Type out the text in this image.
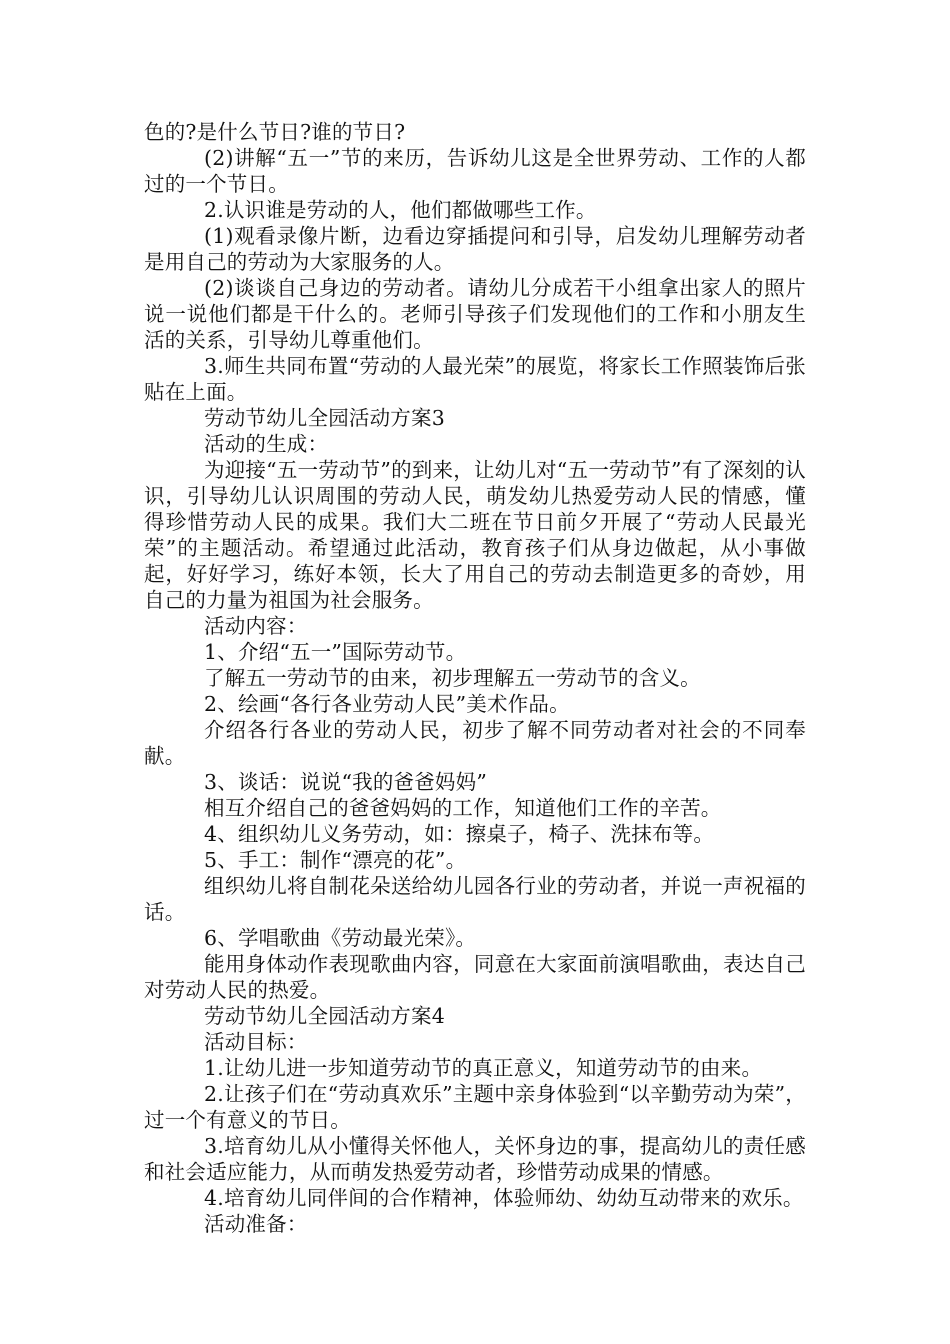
色的?是什么节日?谁的节日?

(2)讲解“五一”节的来历，告诉幼儿这是全世界劳动、工作的人都过的一个节日。

2.认识谁是劳动的人，他们都做哪些工作。

(1)观看录像片断，边看边穿插提问和引导，启发幼儿理解劳动者是用自己的劳动为大家服务的人。

(2)谈谈自己身边的劳动者。请幼儿分成若干小组拿出家人的照片说一说他们都是干什么的。老师引导孩子们发现他们的工作和小朋友生活的关系，引导幼儿尊重他们。

3.师生共同布置“劳动的人最光荣”的展览，将家长工作照装饰后张贴在上面。

劳动节幼儿全园活动方案3

活动的生成：

为迎接“五一劳动节”的到来，让幼儿对“五一劳动节”有了深刻的认识，引导幼儿认识周围的劳动人民，萌发幼儿热爱劳动人民的情感，懂得珍惜劳动人民的成果。我们大二班在节日前夕开展了“劳动人民最光荣”的主题活动。希望通过此活动，教育孩子们从身边做起，从小事做起，好好学习，练好本领，长大了用自己的劳动去制造更多的奇妙，用自己的力量为祖国为社会服务。

活动内容：

1、介绍“五一”国际劳动节。

了解五一劳动节的由来，初步理解五一劳动节的含义。

2、绘画“各行各业劳动人民”美术作品。

介绍各行各业的劳动人民，初步了解不同劳动者对社会的不同奉献。

3、谈话：说说“我的爸爸妈妈”

相互介绍自己的爸爸妈妈的工作，知道他们工作的辛苦。

4、组织幼儿义务劳动，如：擦桌子，椅子、洗抹布等。

5、手工：制作“漂亮的花”。

组织幼儿将自制花朵送给幼儿园各行业的劳动者，并说一声祝福的话。

6、学唱歌曲《劳动最光荣》。

能用身体动作表现歌曲内容，同意在大家面前演唱歌曲，表达自己对劳动人民的热爱。

劳动节幼儿全园活动方案4

活动目标：

1.让幼儿进一步知道劳动节的真正意义，知道劳动节的由来。

2.让孩子们在“劳动真欢乐”主题中亲身体验到“以辛勤劳动为荣”，过一个有意义的节日。

3.培育幼儿从小懂得关怀他人，关怀身边的事，提高幼儿的责任感和社会适应能力，从而萌发热爱劳动者，珍惜劳动成果的情感。

4.培育幼儿同伴间的合作精神，体验师幼、幼幼互动带来的欢乐。

活动准备：
